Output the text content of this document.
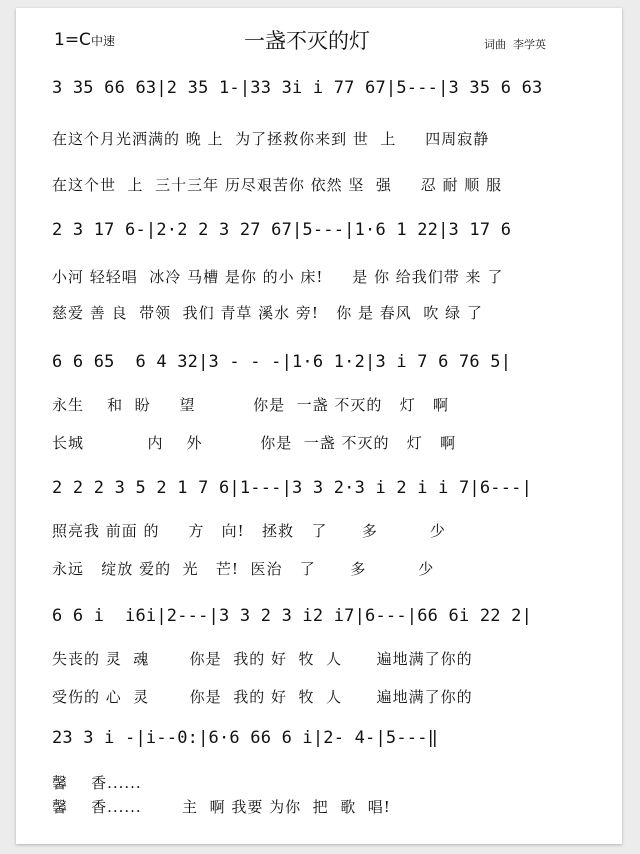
1=C中速	一盏不灭的灯	词曲  李学英
3 35 66 63|2 35 1-|33 3i i 77 67|5---|3 35 6 63
在这个月光洒满的 晚 上  为了拯救你来到 世  上     四周寂静
在这个世  上  三十三年 历尽艰苦你 依然 坚  强     忍 耐 顺 服
2 3 17 6-|2·2 2 3 27 67|5---|1·6 1 22|3 17 6
小河 轻轻唱  冰冷 马槽 是你 的小 床!     是 你 给我们带 来 了
慈爱 善 良  带领  我们 青草 溪水 旁!   你 是 春风  吹 绿 了
6 6 65  6 4 32|3 - - -|1·6 1·2|3 i 7 6 76 5|
永生    和  盼     望          你是  一盏 不灭的   灯   啊
长城           内    外          你是  一盏 不灭的   灯   啊
2 2 2 3 5 2 1 7 6|1---|3 3 2·3 i 2 i i 7|6---|
照亮我 前面 的     方   向!   拯救   了      多         少
永远   绽放 爱的  光   芒!  医治   了      多         少
6 6 i  i6i|2---|3 3 2 3 i2 i7|6---|66 6i 22 2|
失丧的 灵  魂       你是  我的 好  牧  人      遍地满了你的
受伤的 心  灵       你是  我的 好  牧  人      遍地满了你的
23 3 i -|i--0:|6·6 66 6 i|2- 4-|5---‖
馨    香......
馨    香......       主  啊 我要 为你  把  歌  唱!
